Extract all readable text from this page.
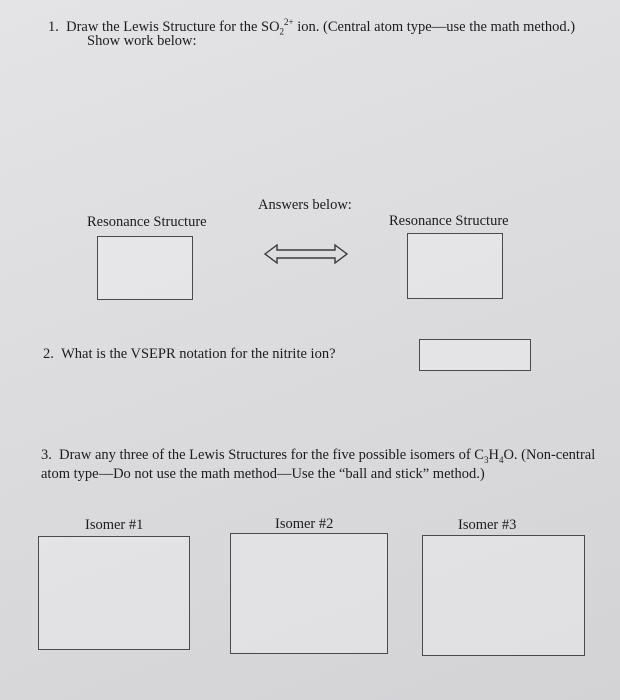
1. Draw the Lewis Structure for the $SO_2^{2+}$ ion. (Central atom type—use the math method.)
Show work below:
Answers below:
Resonance Structure	Resonance Structure
2. What is the VSEPR notation for the nitrite ion?
3. Draw any three of the Lewis Structures for the five possible isomers of $C_3H_4O$. (Non-central
atom type—Do not use the math method—Use the “ball and stick” method.)
Isomer #1	Isomer #2	Isomer #3
